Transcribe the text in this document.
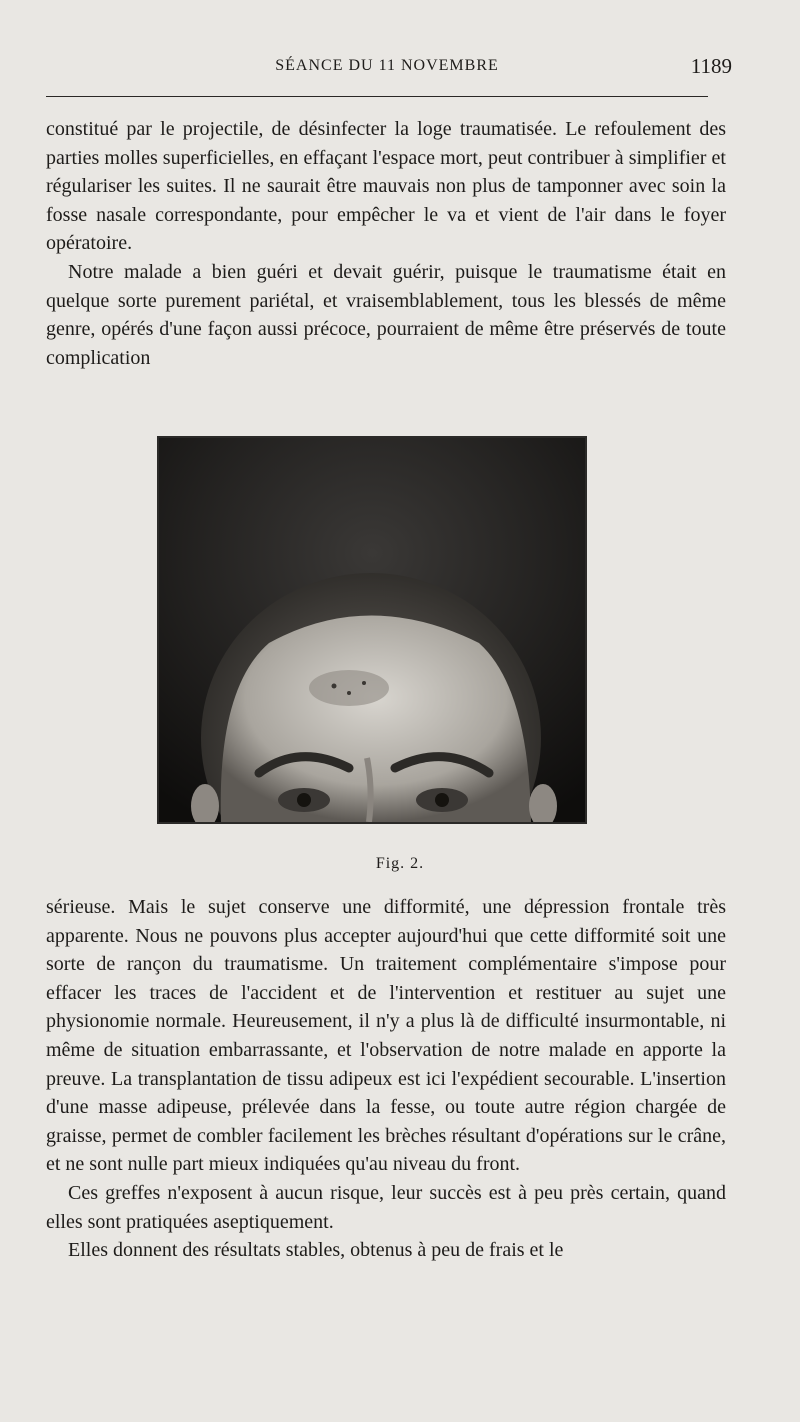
SÉANCE DU 11 NOVEMBRE	1189

constitué par le projectile, de désinfecter la loge traumatisée. Le refoulement des parties molles superficielles, en effaçant l'espace mort, peut contribuer à simplifier et régulariser les suites. Il ne saurait être mauvais non plus de tamponner avec soin la fosse nasale correspondante, pour empêcher le va et vient de l'air dans le foyer opératoire.

Notre malade a bien guéri et devait guérir, puisque le traumatisme était en quelque sorte purement pariétal, et vraisemblablement, tous les blessés de même genre, opérés d'une façon aussi précoce, pourraient de même être préservés de toute complication

Fig. 2.

sérieuse. Mais le sujet conserve une difformité, une dépression frontale très apparente. Nous ne pouvons plus accepter aujourd'hui que cette difformité soit une sorte de rançon du traumatisme. Un traitement complémentaire s'impose pour effacer les traces de l'accident et de l'intervention et restituer au sujet une physionomie normale. Heureusement, il n'y a plus là de difficulté insurmontable, ni même de situation embarrassante, et l'observation de notre malade en apporte la preuve. La transplantation de tissu adipeux est ici l'expédient secourable. L'insertion d'une masse adipeuse, prélevée dans la fesse, ou toute autre région chargée de graisse, permet de combler facilement les brèches résultant d'opérations sur le crâne, et ne sont nulle part mieux indiquées qu'au niveau du front.

Ces greffes n'exposent à aucun risque, leur succès est à peu près certain, quand elles sont pratiquées aseptiquement.

Elles donnent des résultats stables, obtenus à peu de frais et le
